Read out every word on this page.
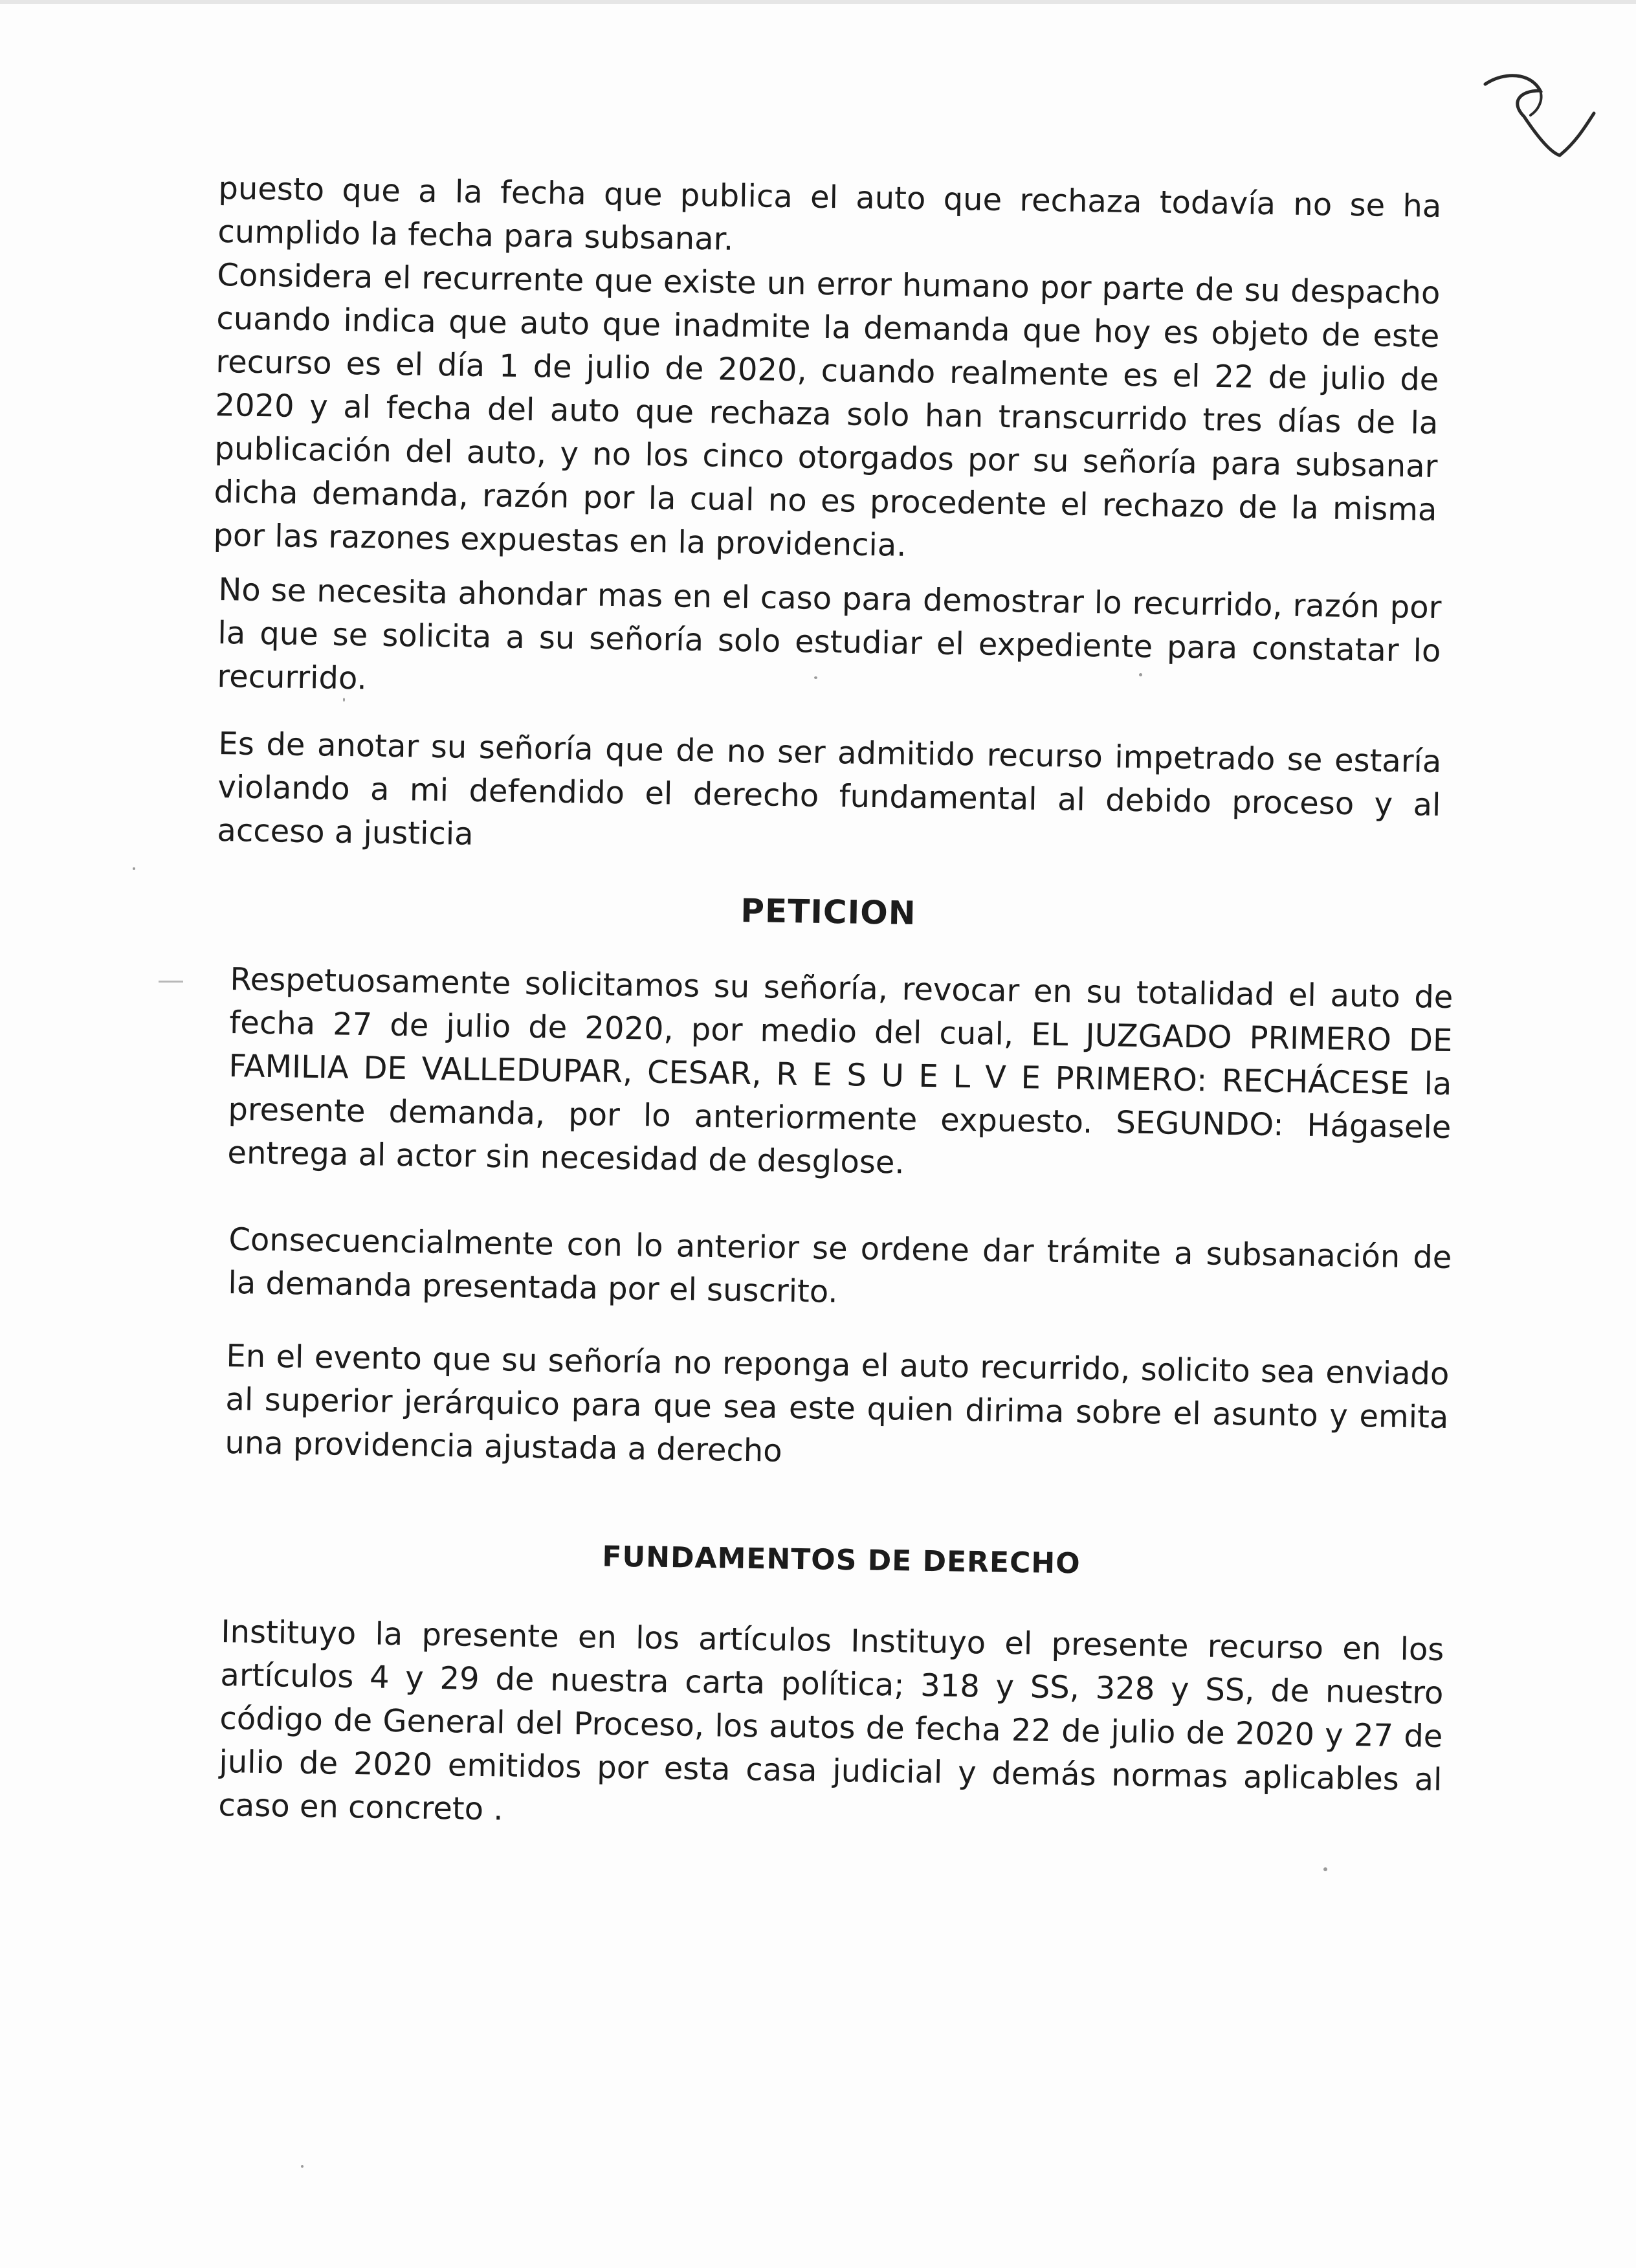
puesto que a la fecha que publica el auto que rechaza todavía no se ha cumplido la fecha para subsanar.

Considera el recurrente que existe un error humano por parte de su despacho cuando indica que auto que inadmite la demanda que hoy es objeto de este recurso es el día 1 de julio de 2020, cuando realmente es el 22 de julio de 2020 y al fecha del auto que rechaza solo han transcurrido tres días de la publicación del auto, y no los cinco otorgados por su señoría para subsanar dicha demanda, razón por la cual no es procedente el rechazo de la misma por las razones expuestas en la providencia.

No se necesita ahondar mas en el caso para demostrar lo recurrido, razón por la que se solicita a su señoría solo estudiar el expediente para constatar lo recurrido.

Es de anotar su señoría que de no ser admitido recurso impetrado se estaría violando a mi defendido el derecho fundamental al debido proceso y al acceso a justicia

PETICION

Respetuosamente solicitamos su señoría, revocar en su totalidad el auto de fecha 27 de julio de 2020, por medio del cual, EL JUZGADO PRIMERO DE FAMILIA DE VALLEDUPAR, CESAR, R E S U E L V E PRIMERO: RECHÁCESE la presente demanda, por lo anteriormente expuesto. SEGUNDO: Hágasele entrega al actor sin necesidad de desglose.

Consecuencialmente con lo anterior se ordene dar trámite a subsanación de la demanda presentada por el suscrito.

En el evento que su señoría no reponga el auto recurrido, solicito sea enviado al superior jerárquico para que sea este quien dirima sobre el asunto y emita una providencia ajustada a derecho

FUNDAMENTOS DE DERECHO

Instituyo la presente en los artículos Instituyo el presente recurso en los artículos 4 y 29 de nuestra carta política; 318 y SS, 328 y SS, de nuestro código de General del Proceso, los autos de fecha 22 de julio de 2020 y 27 de julio de 2020 emitidos por esta casa judicial y demás normas aplicables al caso en concreto .
